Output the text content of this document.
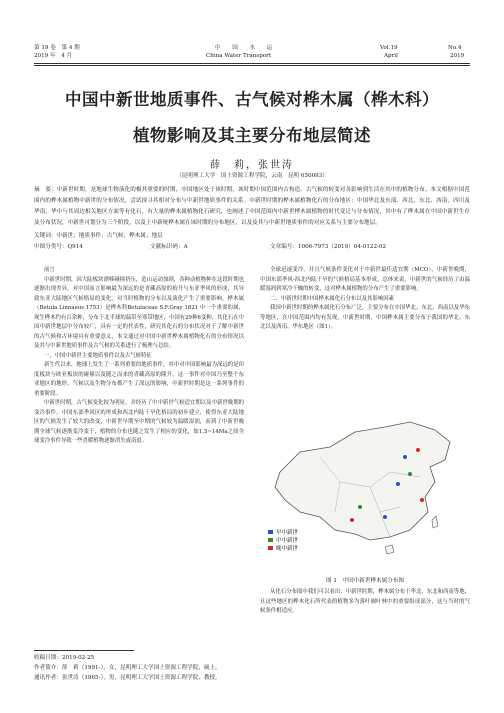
第 19 卷　第 4 期
2019 年　4 月
中　国　水　运
China Water Transport
Vol.19	No.4
April	2019
中国中新世地质事件、古气候对桦木属（桦木科）
植物影响及其主要分布地层简述
薛　莉，张世涛
（昆明理工大学　国土资源工程学院，云南　昆明 650093）
摘　要：中新世时期，是地球生物演化的极其重要的时期，中国地区处于该时期，该时期中国范围内古构造、古气候的转变对各影响到生活在其中的植物分布。本文根据中国范围内的桦木属植物中新世的分布情况，尝试探寻其相对分布与中新世地质事件的关系。中新世时期的桦木属植物化石的分布地区：中国华北及东部、西北、东北、西南，四川及华南，华中与其周边相关地区方面等有化石，有大量的桦木属植物化石研究，也阐述了中国范围内中新世桦木属植物的时代变迁与分布情况，其中有了桦木属在中国中新世生存及分布状况，中新世可划分为三个阶段，以及上中新统桦木属在该时期的分布地区，以及及其与中新世地质事件的对应关系与主要分布地层。
关键词：中新世；地质事件；古气候；桦木属；地层
中图分类号：Q914	文献标识码：A	文章编号：1006-7973（2019）04-0122-02

前言

中新世时期，因大陆板块漂移碰撞挤压，造山运动加剧，各种动植物种在这段时期也逐渐出现差异，对中国而言影响最为深远的是青藏高原的抬升与东亚季风的形成，其导致东亚大陆地区气候格局的变化，对当时植物的分布以及演化产生了重要影响。桦木属（Betula Linnaeus 1753）是桦木科Betulaceae S.F.Gray 1821 中一个重要的属，现生桦木约有百余种，分布于北半球的温带至寒带地区，中国有29种6变种，其化石在中国中新世地层中分布较广，具有一定的代表性，研究其化石的分布状况对于了解中新世的古气候和古环境具有重要意义，本文通过对中国中新世桦木属植物化石的分布情况以及其与中新世地质事件及古气候的关系进行了梳理与总结。

一、中国中新世主要地质事件以及古气候特征

新生代以来，地球上发生了一系列重要的地质事件，其中对中国影响最为深远的是印度板块与欧亚板块的碰撞以及随之而来的青藏高原的隆升，这一事件对中国乃至整个东亚地区的地形、气候以及生物分布都产生了深远的影响，中新世时期是这一系列事件的重要阶段。

中新世时期，古气候变化较为明显，并经历了中中新世气候适宜期以及中新世晚期的变冷事件，中国东部季风区的形成和西北内陆干旱化格局的初步建立，使得东亚大陆地区的气候发生了较大的改变，中新世早期至中期的气候较为温暖湿润，而到了中新世晚期全球气候逐渐变冷变干，植物的分布也随之发生了相应的变化，如1.5~14Ma之间全球变冷事件导致一些喜暖植物逐渐消失或南退。

全球迅速变冷，并且气候条件变化对于中新世最佳适宜期（MCO），中新世晚期，中国东部季风-西北内陆干旱的气候格局基本形成。总体来说，中新世的气候经历了由温暖湿润到寒冷干燥的转变，这对桦木属植物的分布产生了重要影响。

二、中新世时期中国桦木属化石分布以及其影响因素

我国中新世时期的桦木属化石分布广泛，主要分布在中国华北、东北、西南以及华东等地区，在中国范围内均有发现，中新世时期，中国桦木属主要分布于我国的华北、东北以及西南、华东地区（图1）。

早中新世
中中新世
晚中新世
图 1　中国中新世桦木属分布图

从化石分布图中我们可以看出：中新世时期，桦木属分布于华北、东北和西南等地，且这些地区的桦木化石所代表的植物多为落叶阔叶林中的重要组成部分，这与当时的气候条件相适应。

收稿日期：2019-02-25
作者简介：薛　莉（1991-），女，昆明理工大学国土资源工程学院，硕士。
通讯作者：张世涛（1965-），男，昆明理工大学国土资源工程学院，教授。
